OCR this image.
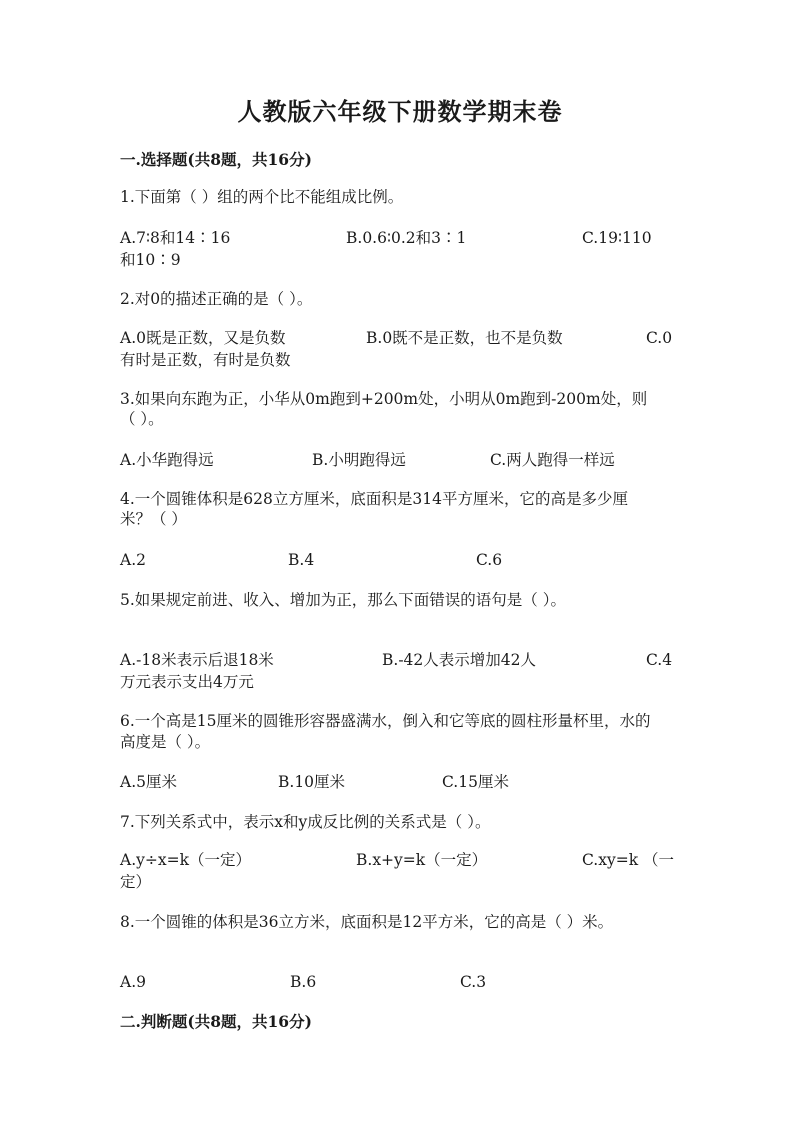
人教版六年级下册数学期末卷
一.选择题(共8题，共16分)
1.下面第（ ）组的两个比不能组成比例。
A.7∶8和14∶16	B.0.6∶0.2和3∶1	C.19∶110
和10∶9
2.对0的描述正确的是（ ）。
A.0既是正数，又是负数	B.0既不是正数，也不是负数	C.0
有时是正数，有时是负数
3.如果向东跑为正，小华从0m跑到+200m处，小明从0m跑到-200m处，则
（ ）。
A.小华跑得远	B.小明跑得远	C.两人跑得一样远
4.一个圆锥体积是628立方厘米，底面积是314平方厘米，它的高是多少厘
米？（ ）
A.2	B.4	C.6
5.如果规定前进、收入、增加为正，那么下面错误的语句是（ ）。
A.-18米表示后退18米	B.-42人表示增加42人	C.4
万元表示支出4万元
6.一个高是15厘米的圆锥形容器盛满水，倒入和它等底的圆柱形量杯里，水的
高度是（ ）。
A.5厘米	B.10厘米	C.15厘米
7.下列关系式中，表示x和y成反比例的关系式是（ ）。
A.y÷x=k（一定）	B.x+y=k（一定）	C.xy=k （一
定）
8.一个圆锥的体积是36立方米，底面积是12平方米，它的高是（ ）米。
A.9	B.6	C.3
二.判断题(共8题，共16分)
